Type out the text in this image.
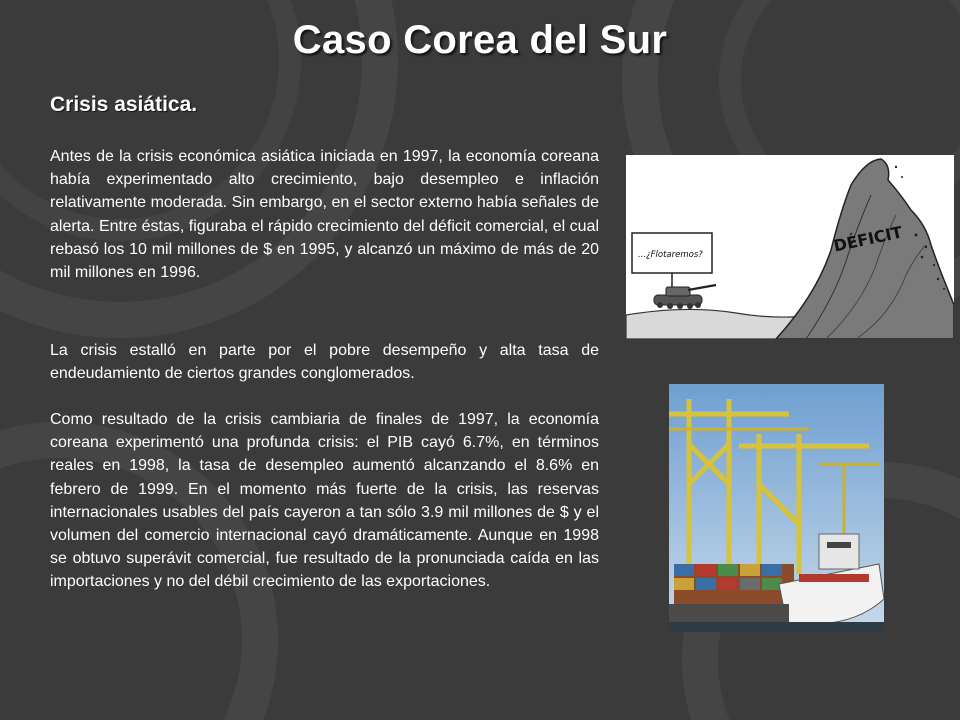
Caso Corea del Sur
Crisis asiática.

Antes de la crisis económica asiática iniciada en 1997, la economía coreana había experimentado alto crecimiento, bajo desempleo e inflación relativamente moderada. Sin embargo, en el sector externo había señales de alerta. Entre éstas, figuraba el rápido crecimiento del déficit comercial, el cual rebasó los 10 mil millones de $ en 1995, y alcanzó un máximo de más de 20 mil millones en 1996.

La crisis estalló en parte por el pobre desempeño y alta tasa de endeudamiento de ciertos grandes conglomerados.

Como resultado de la crisis cambiaria de finales de 1997, la economía coreana experimentó una profunda crisis: el PIB cayó 6.7%, en términos reales en 1998, la tasa de desempleo aumentó alcanzando el 8.6% en febrero de 1999. En el momento más fuerte de la crisis, las reservas internacionales usables del país cayeron a tan sólo 3.9 mil millones de $ y el volumen del comercio internacional cayó dramáticamente. Aunque en 1998 se obtuvo superávit comercial, fue resultado de la pronunciada caída en las importaciones y no del débil crecimiento de las exportaciones.

DÉFICIT
...¿Flotaremos?
